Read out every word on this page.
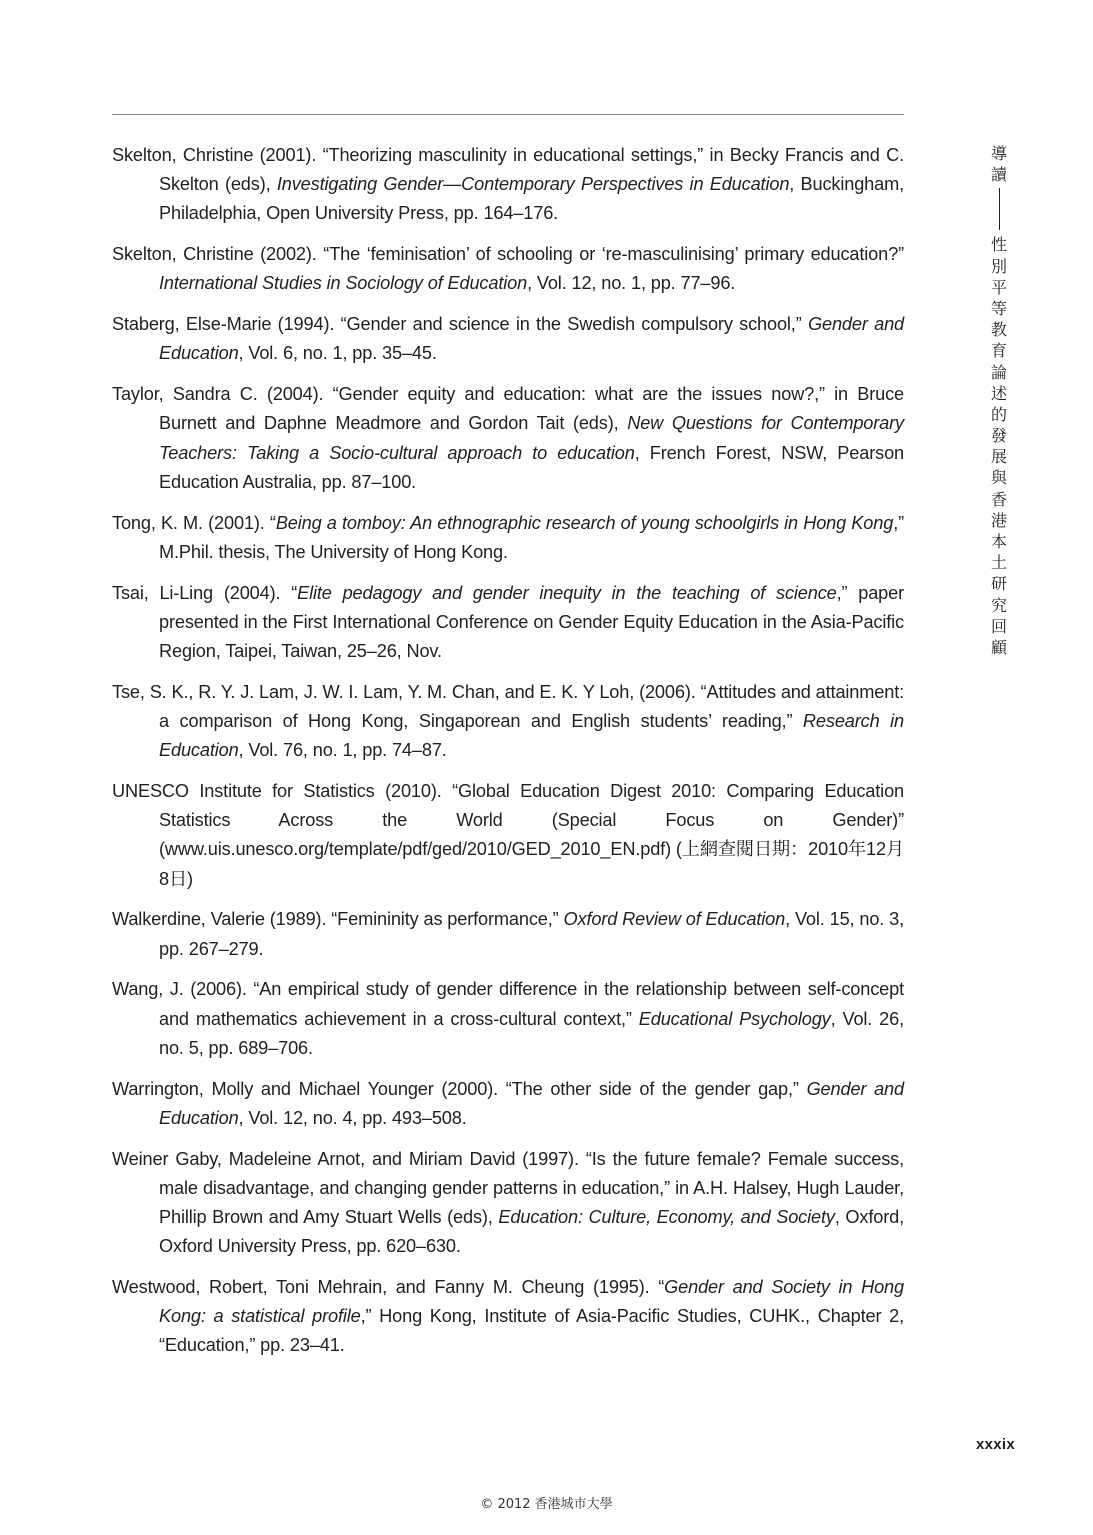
Skelton, Christine (2001). “Theorizing masculinity in educational settings,” in Becky Francis and C. Skelton (eds), Investigating Gender—Contemporary Perspectives in Education, Buckingham, Philadelphia, Open University Press, pp. 164–176.

Skelton, Christine (2002). “The ‘feminisation’ of schooling or ‘re-masculinising’ primary education?” International Studies in Sociology of Education, Vol. 12, no. 1, pp. 77–96.

Staberg, Else-Marie (1994). “Gender and science in the Swedish compulsory school,” Gender and Education, Vol. 6, no. 1, pp. 35–45.

Taylor, Sandra C. (2004). “Gender equity and education: what are the issues now?,” in Bruce Burnett and Daphne Meadmore and Gordon Tait (eds), New Questions for Contemporary Teachers: Taking a Socio-cultural approach to education, French Forest, NSW, Pearson Education Australia, pp. 87–100.

Tong, K. M. (2001). “Being a tomboy: An ethnographic research of young schoolgirls in Hong Kong,” M.Phil. thesis, The University of Hong Kong.

Tsai, Li-Ling (2004). “Elite pedagogy and gender inequity in the teaching of science,” paper presented in the First International Conference on Gender Equity Education in the Asia-Pacific Region, Taipei, Taiwan, 25–26, Nov.

Tse, S. K., R. Y. J. Lam, J. W. I. Lam, Y. M. Chan, and E. K. Y Loh, (2006). “Attitudes and attainment: a comparison of Hong Kong, Singaporean and English students’ reading,” Research in Education, Vol. 76, no. 1, pp. 74–87.

UNESCO Institute for Statistics (2010). “Global Education Digest 2010: Comparing Education Statistics Across the World (Special Focus on Gender)” (www.uis.unesco.org/template/pdf/ged/2010/GED_2010_EN.pdf) (上網查閱日期：2010年12月8日)

Walkerdine, Valerie (1989). “Femininity as performance,” Oxford Review of Education, Vol. 15, no. 3, pp. 267–279.

Wang, J. (2006). “An empirical study of gender difference in the relationship between self-concept and mathematics achievement in a cross-cultural context,” Educational Psychology, Vol. 26, no. 5, pp. 689–706.

Warrington, Molly and Michael Younger (2000). “The other side of the gender gap,” Gender and Education, Vol. 12, no. 4, pp. 493–508.

Weiner Gaby, Madeleine Arnot, and Miriam David (1997). “Is the future female? Female success, male disadvantage, and changing gender patterns in education,” in A.H. Halsey, Hugh Lauder, Phillip Brown and Amy Stuart Wells (eds), Education: Culture, Economy, and Society, Oxford, Oxford University Press, pp. 620–630.

Westwood, Robert, Toni Mehrain, and Fanny M. Cheung (1995). “Gender and Society in Hong Kong: a statistical profile,” Hong Kong, Institute of Asia-Pacific Studies, CUHK., Chapter 2, “Education,” pp. 23–41.

導
讀
性
別
平
等
教
育
論
述
的
發
展
與
香
港
本
土
研
究
回
顧
xxxix
© 2012 香港城市大學
